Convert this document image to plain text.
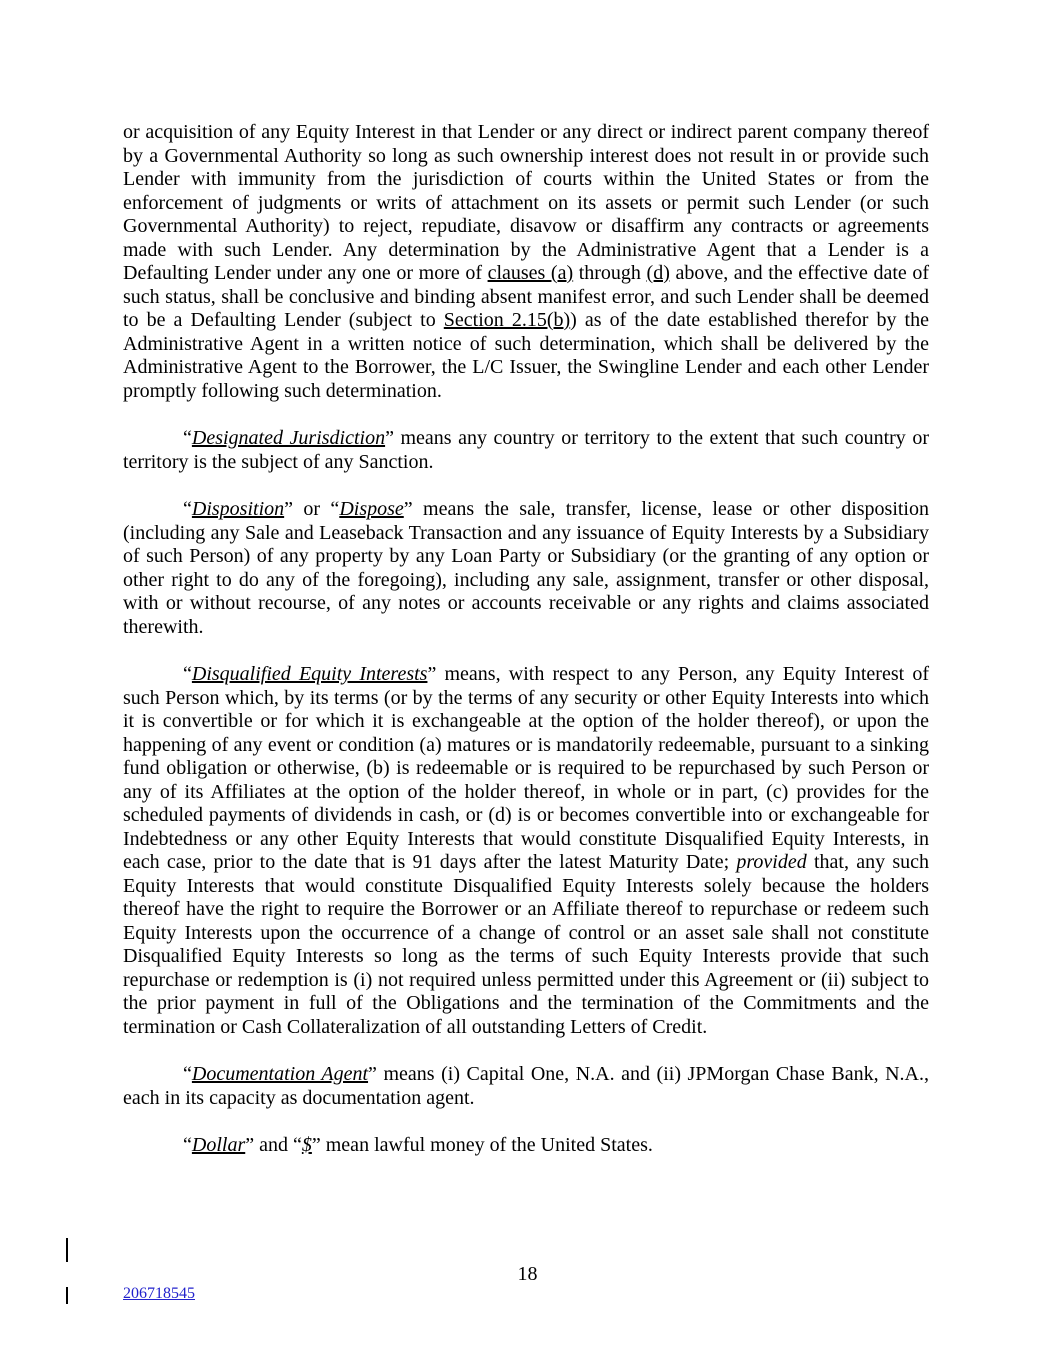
or acquisition of any Equity Interest in that Lender or any direct or indirect parent company thereof by a Governmental Authority so long as such ownership interest does not result in or provide such Lender with immunity from the jurisdiction of courts within the United States or from the enforcement of judgments or writs of attachment on its assets or permit such Lender (or such Governmental Authority) to reject, repudiate, disavow or disaffirm any contracts or agreements made with such Lender. Any determination by the Administrative Agent that a Lender is a Defaulting Lender under any one or more of clauses (a) through (d) above, and the effective date of such status, shall be conclusive and binding absent manifest error, and such Lender shall be deemed to be a Defaulting Lender (subject to Section 2.15(b)) as of the date established therefor by the Administrative Agent in a written notice of such determination, which shall be delivered by the Administrative Agent to the Borrower, the L/C Issuer, the Swingline Lender and each other Lender promptly following such determination.

“Designated Jurisdiction” means any country or territory to the extent that such country or territory is the subject of any Sanction.

“Disposition” or “Dispose” means the sale, transfer, license, lease or other disposition (including any Sale and Leaseback Transaction and any issuance of Equity Interests by a Subsidiary of such Person) of any property by any Loan Party or Subsidiary (or the granting of any option or other right to do any of the foregoing), including any sale, assignment, transfer or other disposal, with or without recourse, of any notes or accounts receivable or any rights and claims associated therewith.

“Disqualified Equity Interests” means, with respect to any Person, any Equity Interest of such Person which, by its terms (or by the terms of any security or other Equity Interests into which it is convertible or for which it is exchangeable at the option of the holder thereof), or upon the happening of any event or condition (a) matures or is mandatorily redeemable, pursuant to a sinking fund obligation or otherwise, (b) is redeemable or is required to be repurchased by such Person or any of its Affiliates at the option of the holder thereof, in whole or in part, (c) provides for the scheduled payments of dividends in cash, or (d) is or becomes convertible into or exchangeable for Indebtedness or any other Equity Interests that would constitute Disqualified Equity Interests, in each case, prior to the date that is 91 days after the latest Maturity Date; provided that, any such Equity Interests that would constitute Disqualified Equity Interests solely because the holders thereof have the right to require the Borrower or an Affiliate thereof to repurchase or redeem such Equity Interests upon the occurrence of a change of control or an asset sale shall not constitute Disqualified Equity Interests so long as the terms of such Equity Interests provide that such repurchase or redemption is (i) not required unless permitted under this Agreement or (ii) subject to the prior payment in full of the Obligations and the termination of the Commitments and the termination or Cash Collateralization of all outstanding Letters of Credit.

“Documentation Agent” means (i) Capital One, N.A. and (ii) JPMorgan Chase Bank, N.A., each in its capacity as documentation agent.

“Dollar” and “$” mean lawful money of the United States.

18
206718545
